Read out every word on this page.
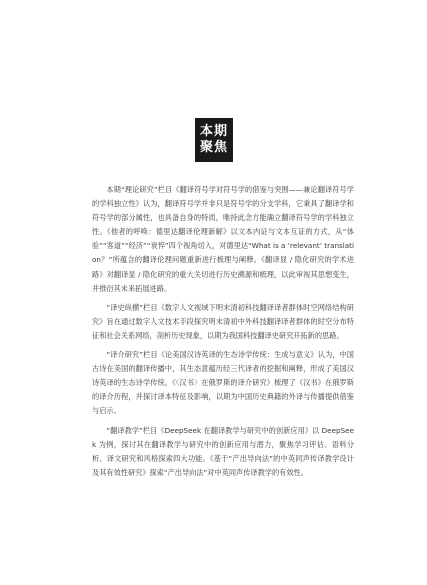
本期
聚焦

本期“理论研究”栏目《翻译符号学对符号学的借鉴与突围——兼论翻译符号学的学科独立性》认为，翻译符号学并非只是符号学的分支学科，它秉具了翻译学和符号学的部分属性，也具备自身的特质，唯持此念方能确立翻译符号学的学科独立性。《他者的呼唤：德里达翻译伦理新解》以文本内证与文本互证的方式，从“体验”“客道”“经济”“衰悴”四个视角切入，对德里达“What is a ‘relevant’ translation？”所蕴含的翻译伦理问题重新进行梳理与阐释。《翻译显 / 隐化研究的学术进路》对翻译显 / 隐化研究的重大关切进行历史溯源和梳理，以此审视其思想变生，并推衍其未来拓展进路。

“译史纵横”栏目《数字人文视域下明末清初科技翻译译者群体时空网络结构研究》旨在通过数字人文技术手段探究明末清初中外科技翻译译者群体的时空分布特征和社会关系网络，剖析历史现象，以期为我国科技翻译史研究开拓新的思路。

“译介研究”栏目《论美国汉诗英译的生态诗学传统：生成与意义》认为，中国古诗在美国的翻译传播中，其生态意蕴历经三代译者的挖掘和阐释，形成了美国汉诗英译的生态诗学传统。《〈汉书〉在俄罗斯的译介研究》梳理了《汉书》在俄罗斯的译介历程，并探讨译本特征及影响，以期为中国历史典籍的外译与传播提供借鉴与启示。

“翻译教学”栏目《DeepSeek 在翻译教学与研究中的创新应用》以 DeepSeek 为例，探讨其在翻译教学与研究中的创新应用与潜力，聚焦学习评估、语料分析、译文研究和风格探索四大功能。《基于“产出导向法”的中英同声传译教学设计及其有效性研究》探索“产出导向法”对中英同声传译教学的有效性。
